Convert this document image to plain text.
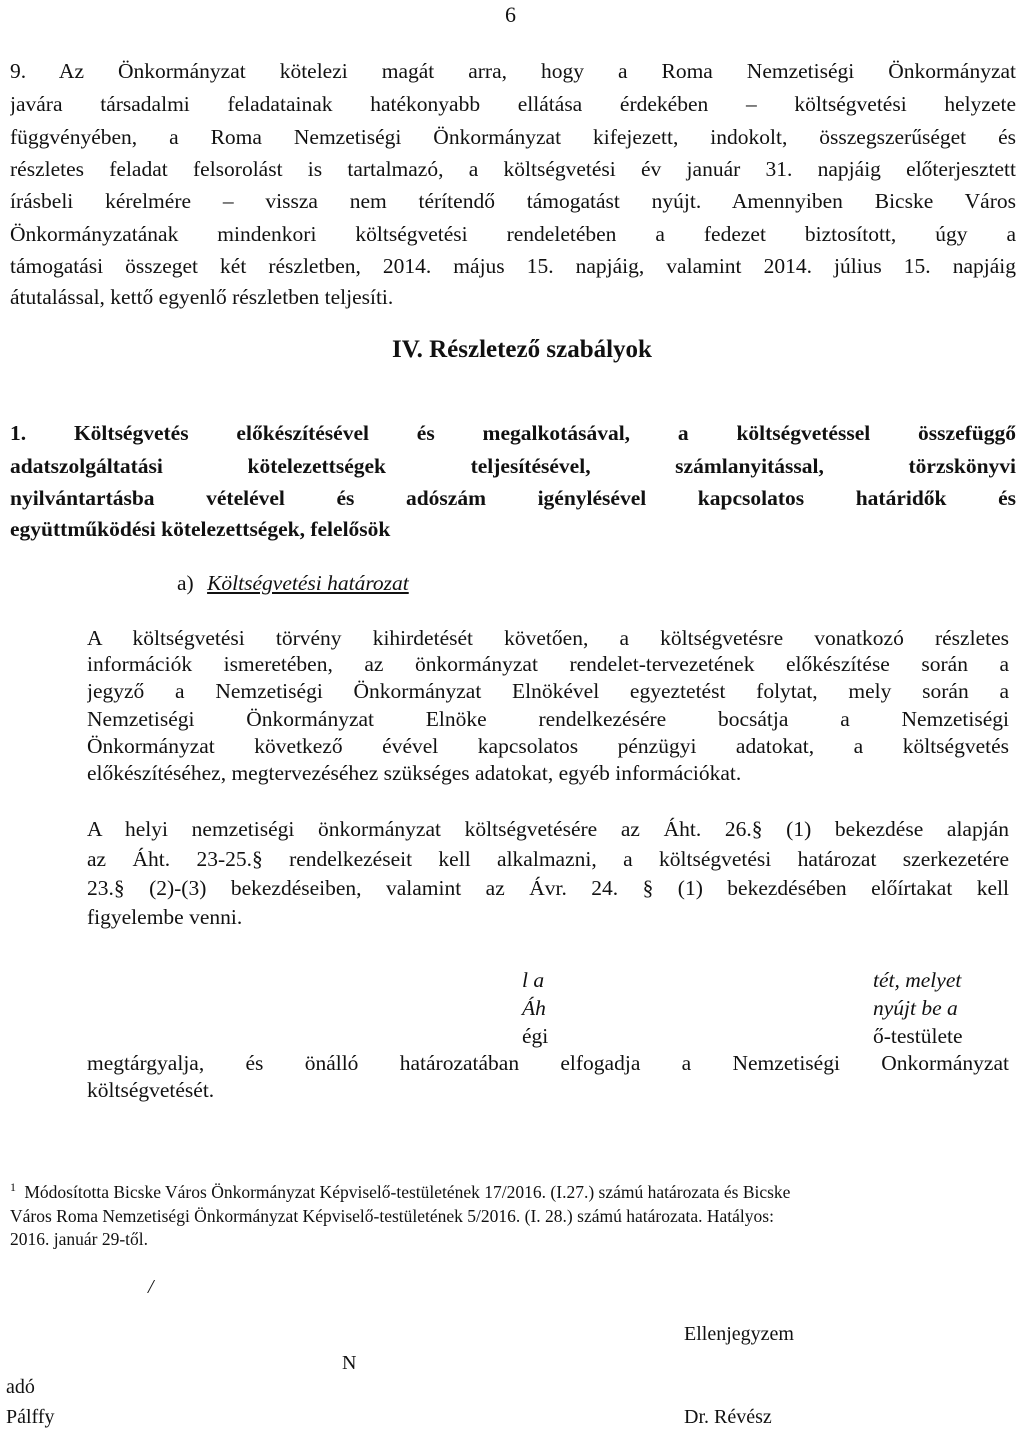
6
9. Az Önkormányzat kötelezi magát arra, hogy a Roma Nemzetiségi Önkormányzat
javára társadalmi feladatainak hatékonyabb ellátása érdekében – költségvetési helyzete
függvényében, a Roma Nemzetiségi Önkormányzat kifejezett, indokolt, összegszerűséget és
részletes feladat felsorolást is tartalmazó, a költségvetési év január 31. napjáig előterjesztett
írásbeli kérelmére – vissza nem térítendő támogatást nyújt. Amennyiben Bicske Város
Önkormányzatának mindenkori költségvetési rendeletében a fedezet biztosított, úgy a
támogatási összeget két részletben, 2014. május 15. napjáig, valamint 2014. július 15. napjáig
átutalással, kettő egyenlő részletben teljesíti.
IV. Részletező szabályok
1. Költségvetés előkészítésével és megalkotásával, a költségvetéssel összefüggő
adatszolgáltatási kötelezettségek teljesítésével, számlanyitással, törzskönyvi
nyilvántartásba vételével és adószám igénylésével kapcsolatos határidők és
együttműködési kötelezettségek, felelősök
a) Költségvetési határozat
A költségvetési törvény kihirdetését követően, a költségvetésre vonatkozó részletes
információk ismeretében, az önkormányzat rendelet-tervezetének előkészítése során a
jegyző a Nemzetiségi Önkormányzat Elnökével egyeztetést folytat, mely során a
Nemzetiségi Önkormányzat Elnöke rendelkezésére bocsátja a Nemzetiségi
Önkormányzat következő évével kapcsolatos pénzügyi adatokat, a költségvetés
előkészítéséhez, megtervezéséhez szükséges adatokat, egyéb információkat.
A helyi nemzetiségi önkormányzat költségvetésére az Áht. 26.§ (1) bekezdése alapján
az Áht. 23-25.§ rendelkezéseit kell alkalmazni, a költségvetési határozat szerkezetére
23.§ (2)-(3) bekezdéseiben, valamint az Ávr. 24. § (1) bekezdésében előírtakat kell
figyelembe venni.
l a
Áh
égi
tét, melyet
nyújt be a
ő-testülete
megtárgyalja, és önálló határozatában elfogadja a Nemzetiségi Onkormányzat
költségvetését.
$^1$ Módosította Bicske Város Önkormányzat Képviselő-testületének 17/2016. (I.27.) számú határozata és Bicske
Város Roma Nemzetiségi Önkormányzat Képviselő-testületének 5/2016. (I. 28.) számú határozata. Hatályos:
2016. január 29-től.
/
Ellenjegyzem
N
adó
Pálffy	Dr. Révész
